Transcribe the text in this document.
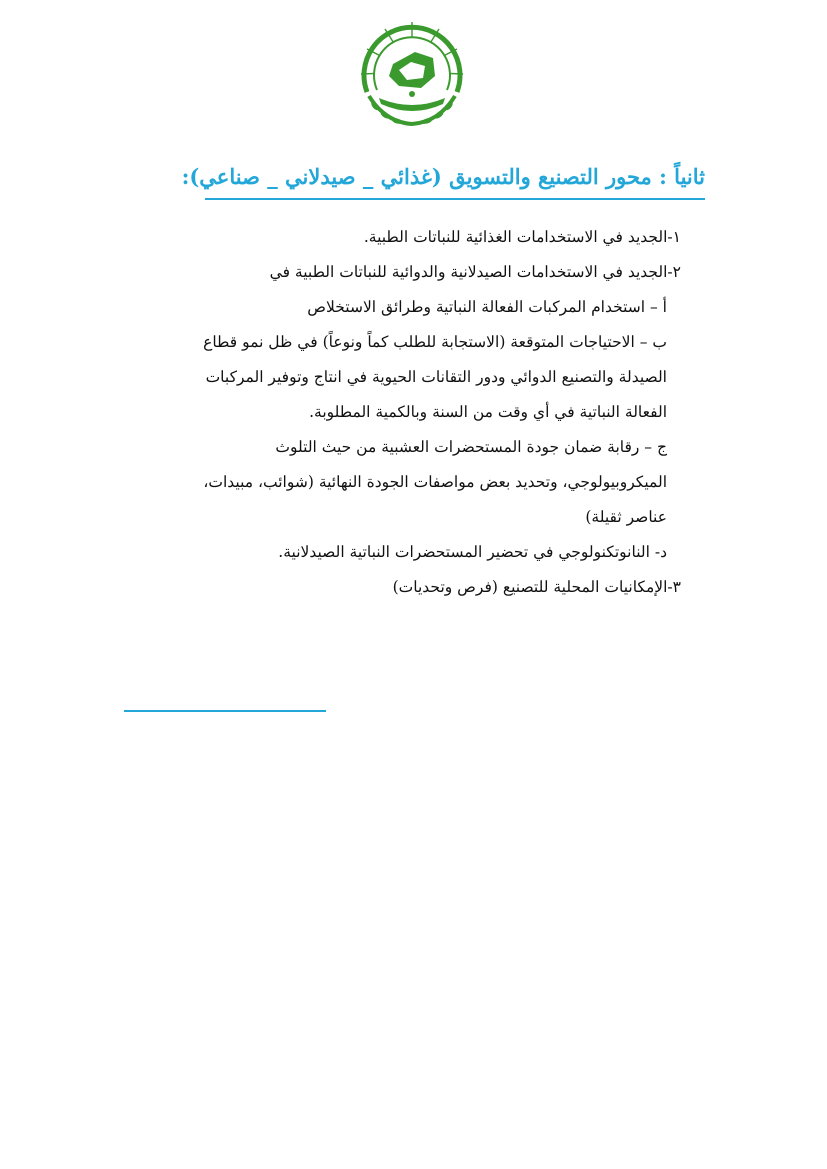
ثانياً : محور التصنيع والتسويق (غذائي _ صيدلاني _ صناعي):
١-الجديد في الاستخدامات الغذائية للنباتات الطبية.
٢-الجديد في الاستخدامات الصيدلانية والدوائية للنباتات الطبية في
أ – استخدام المركبات الفعالة النباتية وطرائق الاستخلاص
ب – الاحتياجات المتوقعة (الاستجابة للطلب كماً ونوعاً) في ظل نمو قطاع
الصيدلة والتصنيع الدوائي ودور التقانات الحيوية في انتاج وتوفير المركبات
الفعالة النباتية في أي وقت من السنة وبالكمية المطلوبة.
ج – رقابة ضمان جودة المستحضرات العشبية من حيث التلوث
الميكروبيولوجي، وتحديد بعض مواصفات الجودة النهائية (شوائب، مبيدات،
عناصر ثقيلة)
د- النانوتكنولوجي في تحضير المستحضرات النباتية الصيدلانية.
٣-الإمكانيات المحلية للتصنيع (فرص وتحديات)
